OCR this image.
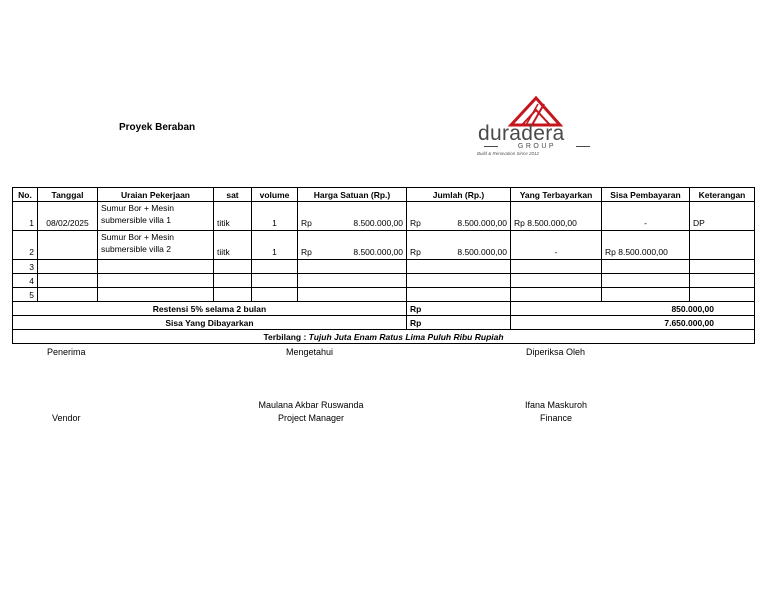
Proyek Beraban	duradera
GROUP
Build & Renovation Since 2012
No.	Tanggal	Uraian Pekerjaan	sat	volume	Harga Satuan (Rp.)	Jumlah (Rp.)	Yang Terbayarkan	Sisa Pembayaran	Keterangan
1	08/02/2025	Sumur Bor + Mesin submersible villa 1	titik	1	Rp 8.500.000,00	Rp 8.500.000,00	Rp 8.500.000,00	-	DP
2		Sumur Bor + Mesin submersible villa 2	tiitk	1	Rp 8.500.000,00	Rp 8.500.000,00	-	Rp 8.500.000,00	
3									
4									
5									
Restensi 5% selama 2 bulan						Rp	850.000,00		
Sisa Yang Dibayarkan						Rp	7.650.000,00		
Terbilang : Tujuh Juta Enam Ratus Lima Puluh Ribu Rupiah									
Penerima	Mengetahui	Diperiksa Oleh
Maulana Akbar Ruswanda
Project Manager
Ifana Maskuroh
Finance
Vendor
